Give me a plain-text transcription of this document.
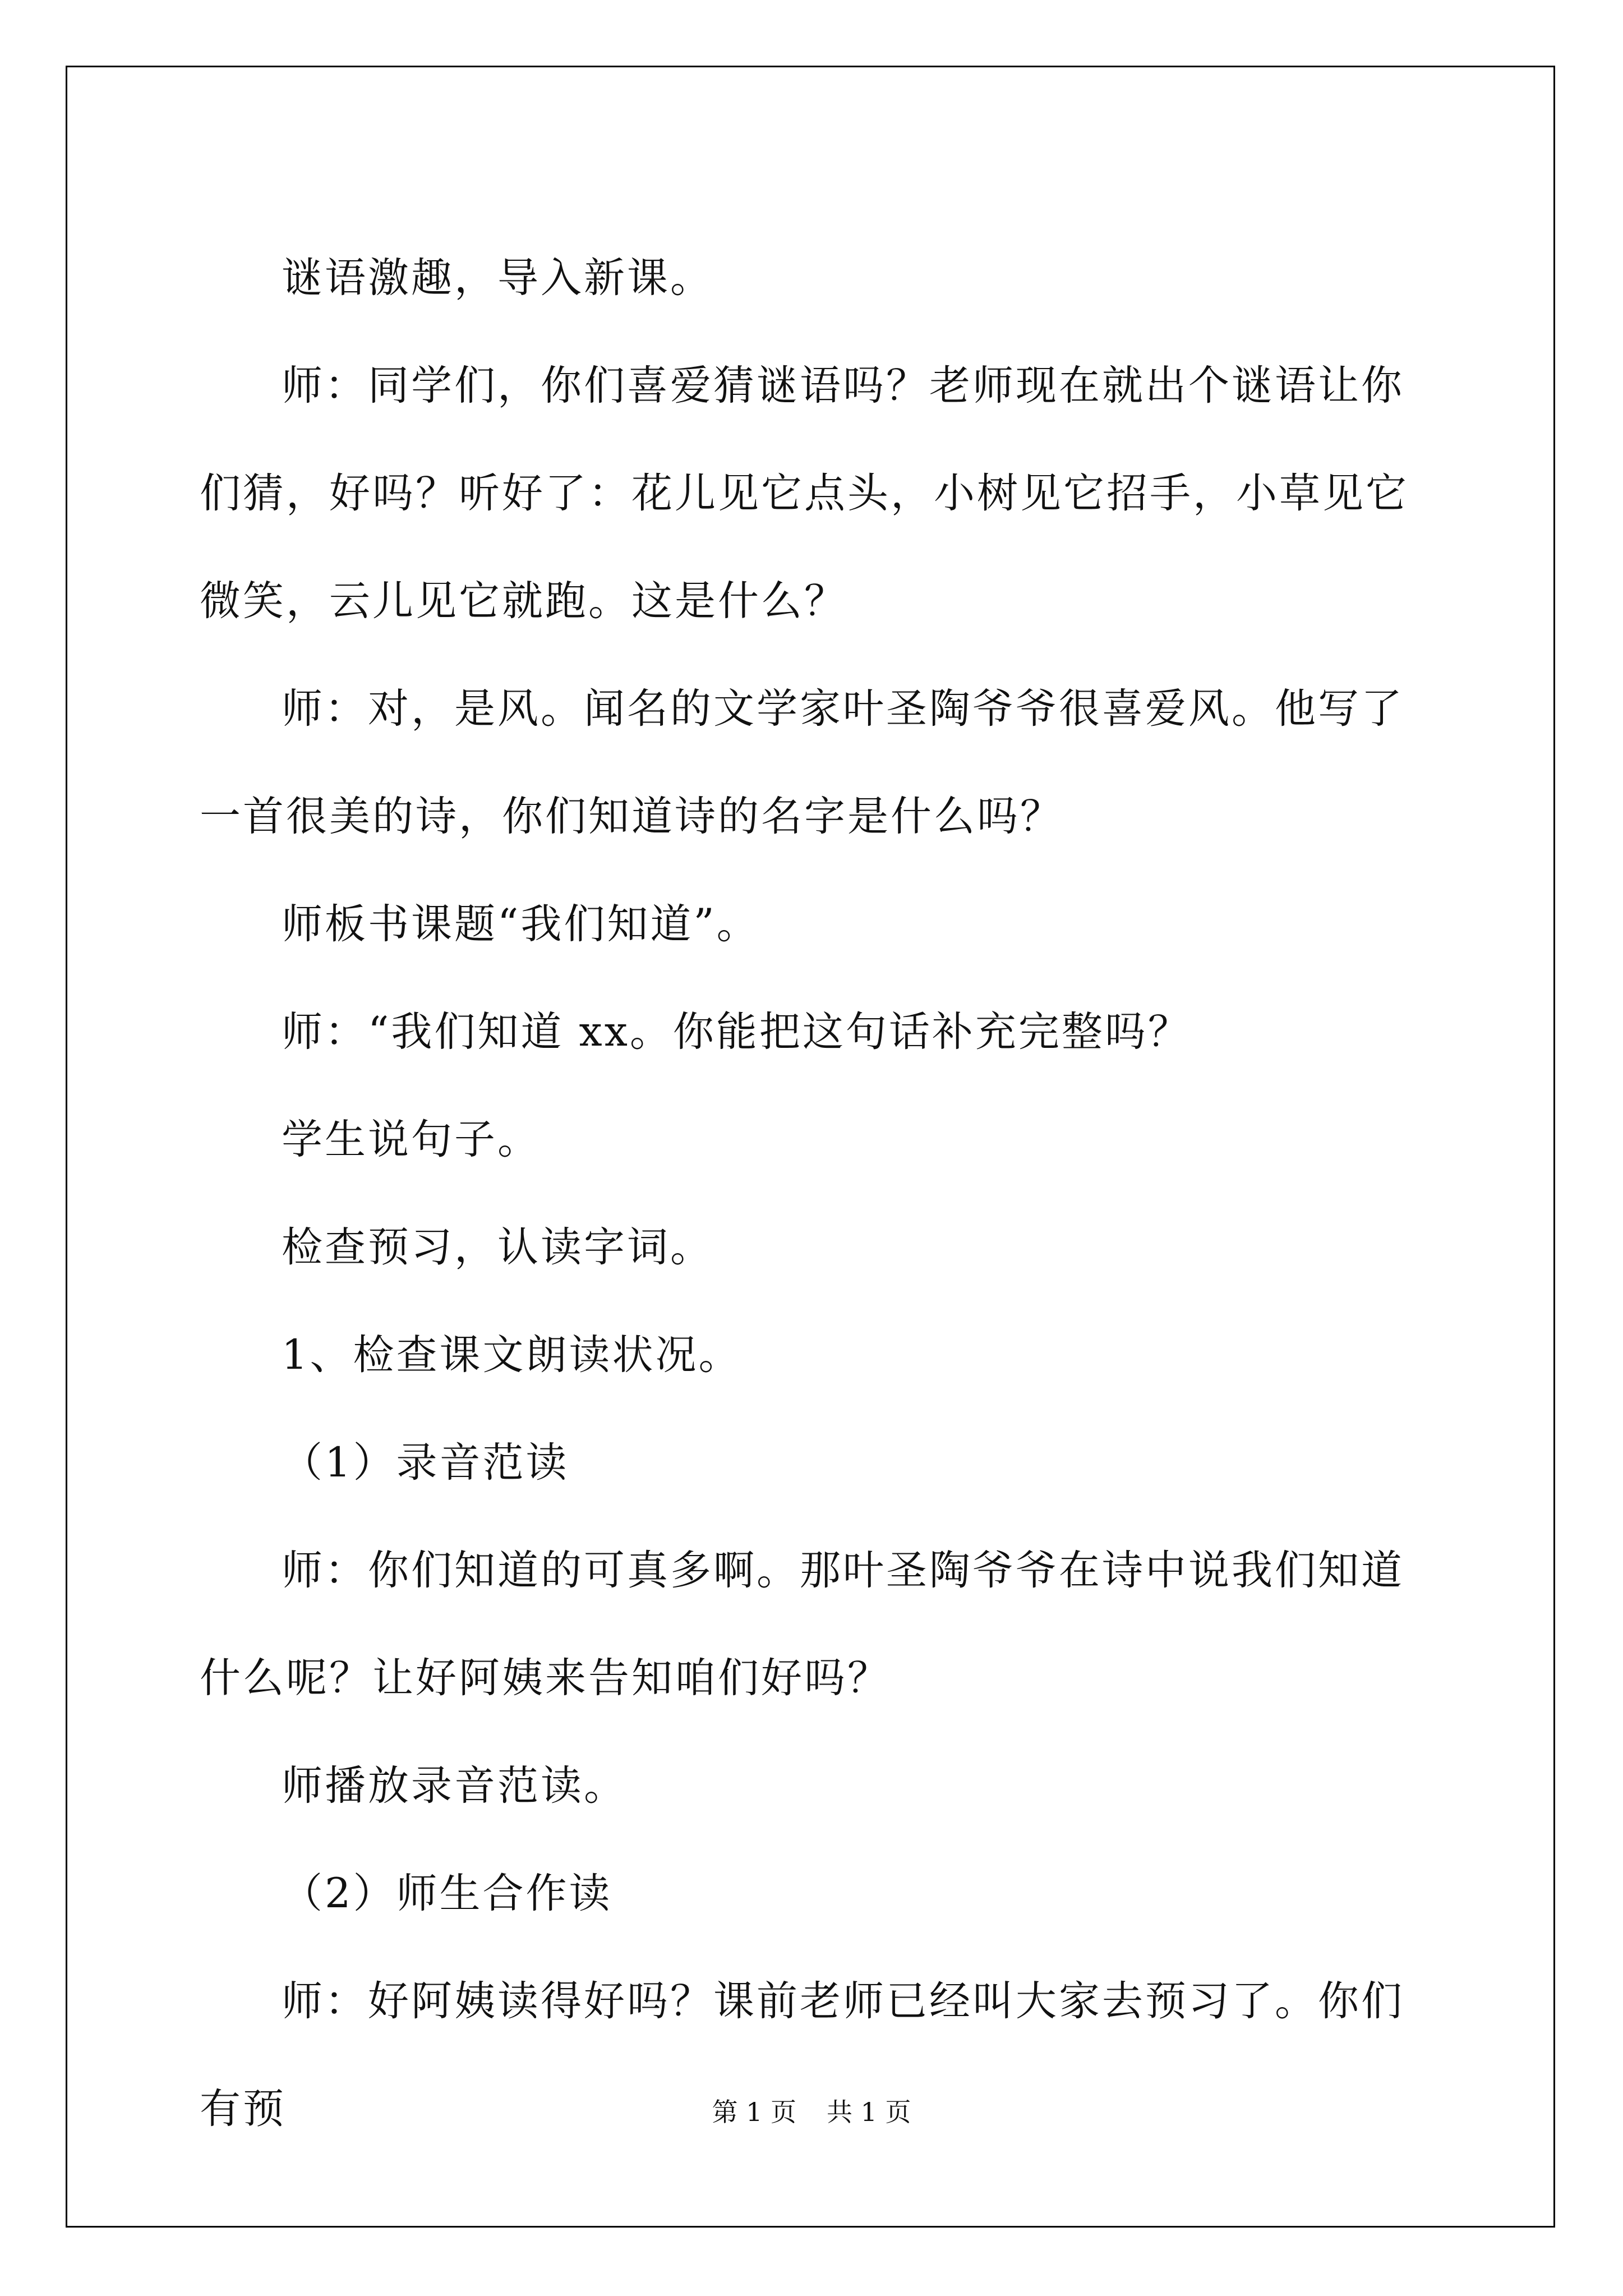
谜语激趣，导入新课。

师：同学们，你们喜爱猜谜语吗？老师现在就出个谜语让你们猜，好吗？听好了：花儿见它点头，小树见它招手，小草见它微笑，云儿见它就跑。这是什么？

师：对，是风。闻名的文学家叶圣陶爷爷很喜爱风。他写了一首很美的诗，你们知道诗的名字是什么吗？

师板书课题“我们知道”。

师：“我们知道 xx。你能把这句话补充完整吗？

学生说句子。

检查预习，认读字词。

1、检查课文朗读状况。

（1）录音范读

师：你们知道的可真多啊。那叶圣陶爷爷在诗中说我们知道什么呢？让好阿姨来告知咱们好吗？

师播放录音范读。

（2）师生合作读

师：好阿姨读得好吗？课前老师已经叫大家去预习了。你们有预	第 1 页 共 1 页
